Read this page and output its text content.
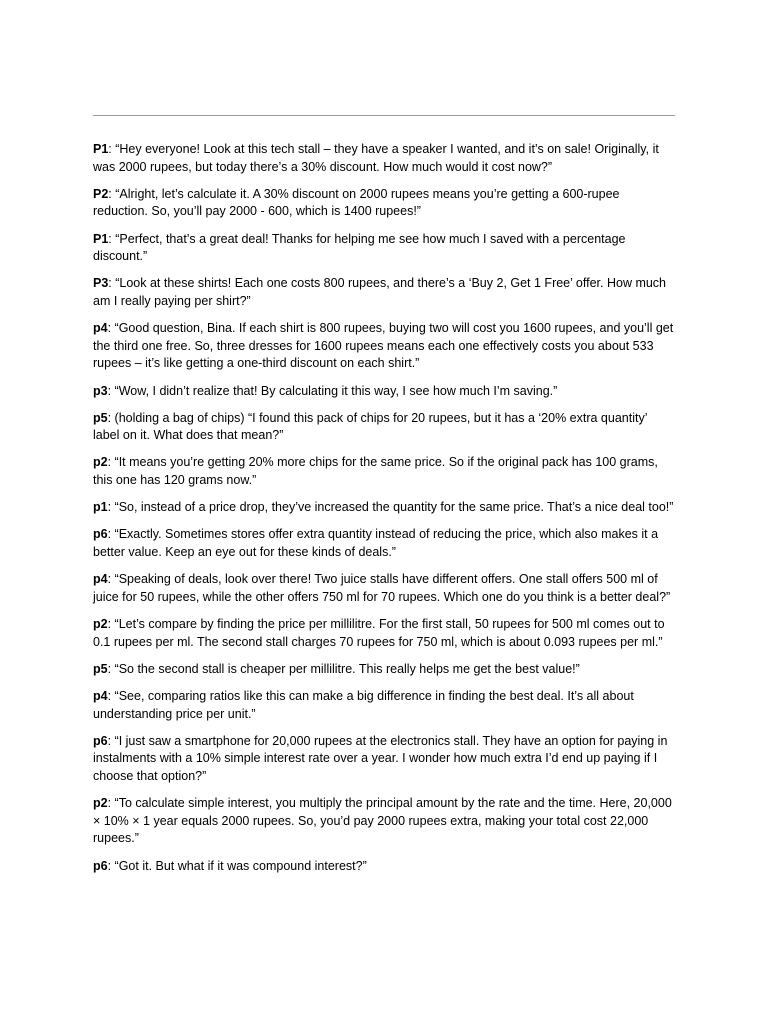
P1: “Hey everyone! Look at this tech stall – they have a speaker I wanted, and it’s on sale! Originally, it was 2000 rupees, but today there’s a 30% discount. How much would it cost now?”

P2: “Alright, let’s calculate it. A 30% discount on 2000 rupees means you’re getting a 600-rupee reduction. So, you’ll pay 2000 - 600, which is 1400 rupees!”

P1: “Perfect, that’s a great deal! Thanks for helping me see how much I saved with a percentage discount.”

P3: “Look at these shirts! Each one costs 800 rupees, and there’s a ‘Buy 2, Get 1 Free’ offer. How much am I really paying per shirt?”

p4: “Good question, Bina. If each shirt is 800 rupees, buying two will cost you 1600 rupees, and you’ll get the third one free. So, three dresses for 1600 rupees means each one effectively costs you about 533 rupees – it’s like getting a one-third discount on each shirt.”

p3: “Wow, I didn’t realize that! By calculating it this way, I see how much I’m saving.”

p5: (holding a bag of chips) “I found this pack of chips for 20 rupees, but it has a ‘20% extra quantity’ label on it. What does that mean?”

p2: “It means you’re getting 20% more chips for the same price. So if the original pack has 100 grams, this one has 120 grams now.”

p1: “So, instead of a price drop, they’ve increased the quantity for the same price. That’s a nice deal too!”

p6: “Exactly. Sometimes stores offer extra quantity instead of reducing the price, which also makes it a better value. Keep an eye out for these kinds of deals.”

p4: “Speaking of deals, look over there! Two juice stalls have different offers. One stall offers 500 ml of juice for 50 rupees, while the other offers 750 ml for 70 rupees. Which one do you think is a better deal?”

p2: “Let’s compare by finding the price per millilitre. For the first stall, 50 rupees for 500 ml comes out to 0.1 rupees per ml. The second stall charges 70 rupees for 750 ml, which is about 0.093 rupees per ml.”

p5: “So the second stall is cheaper per millilitre. This really helps me get the best value!”

p4: “See, comparing ratios like this can make a big difference in finding the best deal. It’s all about understanding price per unit.”

p6: “I just saw a smartphone for 20,000 rupees at the electronics stall. They have an option for paying in instalments with a 10% simple interest rate over a year. I wonder how much extra I’d end up paying if I choose that option?”

p2: “To calculate simple interest, you multiply the principal amount by the rate and the time. Here, 20,000 × 10% × 1 year equals 2000 rupees. So, you’d pay 2000 rupees extra, making your total cost 22,000 rupees.”

p6: “Got it. But what if it was compound interest?”
